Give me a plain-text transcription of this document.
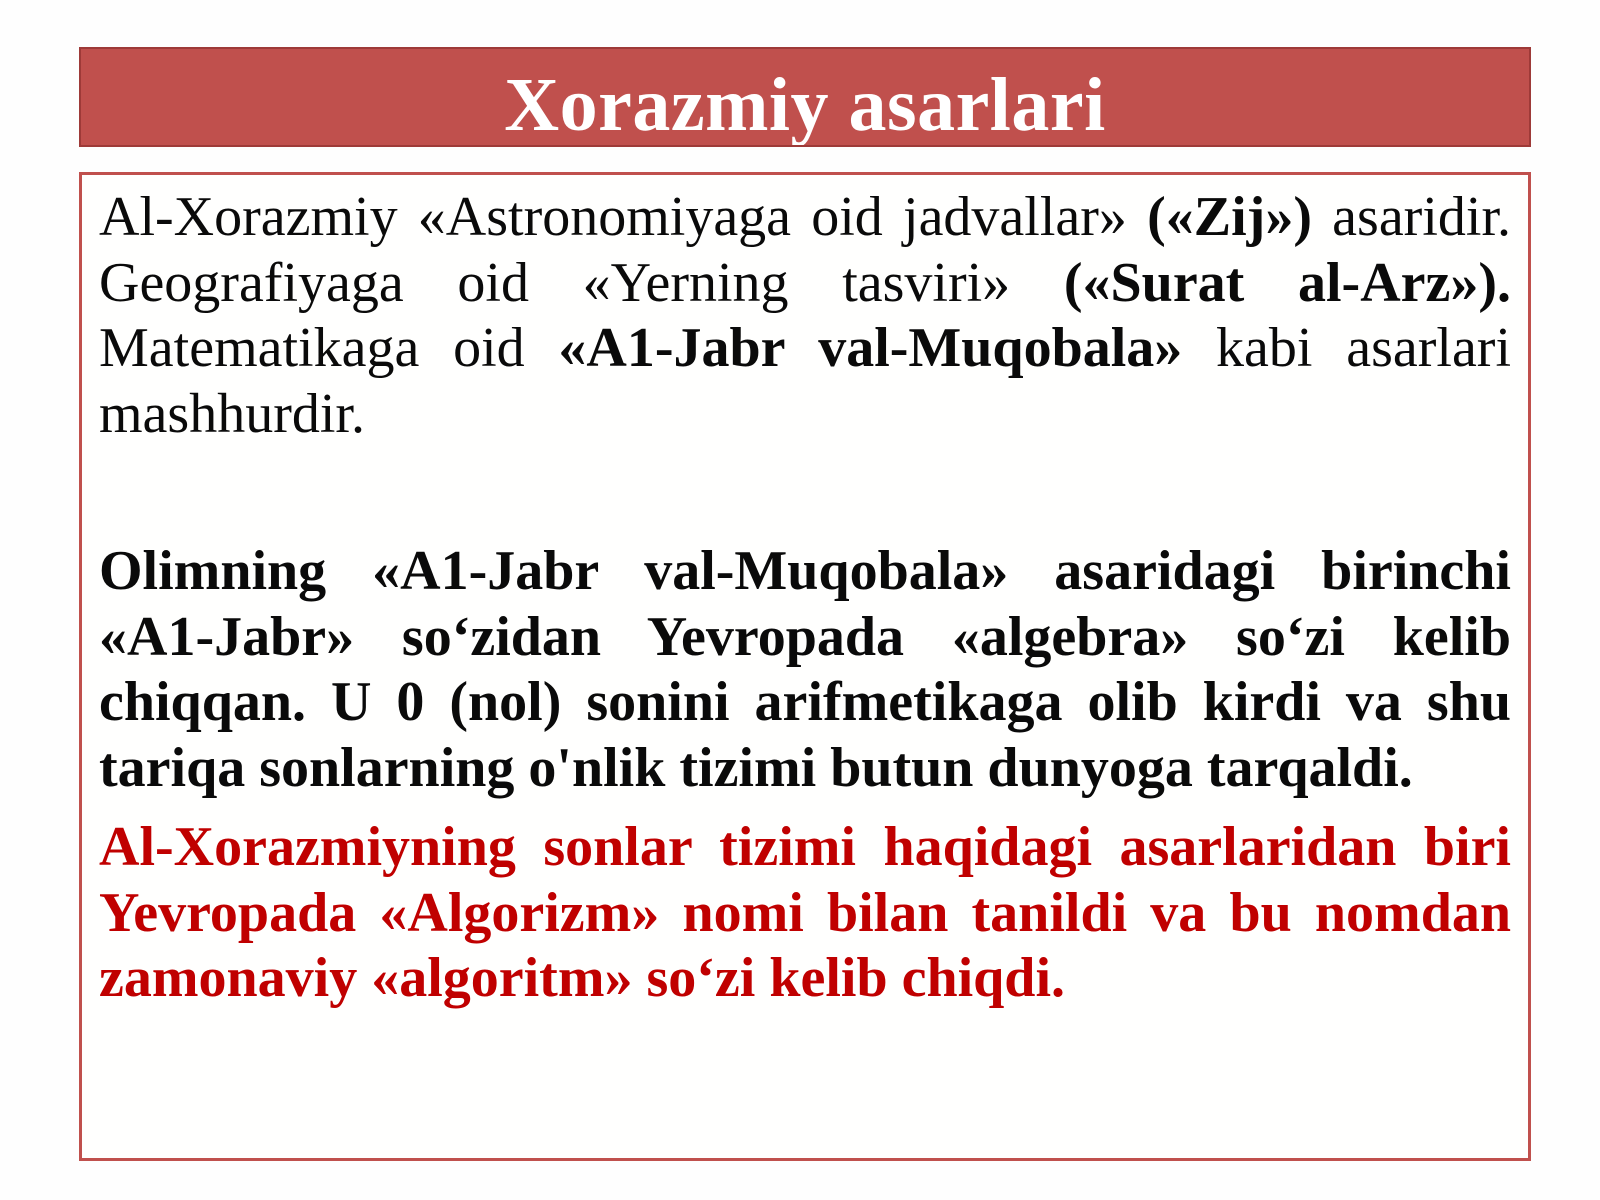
Xorazmiy asarlari

Al-Xorazmiy «Astronomiyaga oid jadvallar» («Zij») asaridir. Geografiyaga oid «Yerning tasviri» («Surat al-Arz»). Matematikaga oid «A1-Jabr val-Muqobala» kabi asarlari mashhurdir.

Olimning «A1-Jabr val-Muqobala» asaridagi birinchi «A1-Jabr» so‘zidan Yevropada «algebra» so‘zi kelib chiqqan. U 0 (nol) sonini arifmetikaga olib kirdi va shu tariqa sonlarning o'nlik tizimi butun dunyoga tarqaldi.

Al-Xorazmiyning sonlar tizimi haqidagi asarlaridan biri Yevropada «Algorizm» nomi bilan tanildi va bu nomdan zamonaviy «algoritm» so‘zi kelib chiqdi.
